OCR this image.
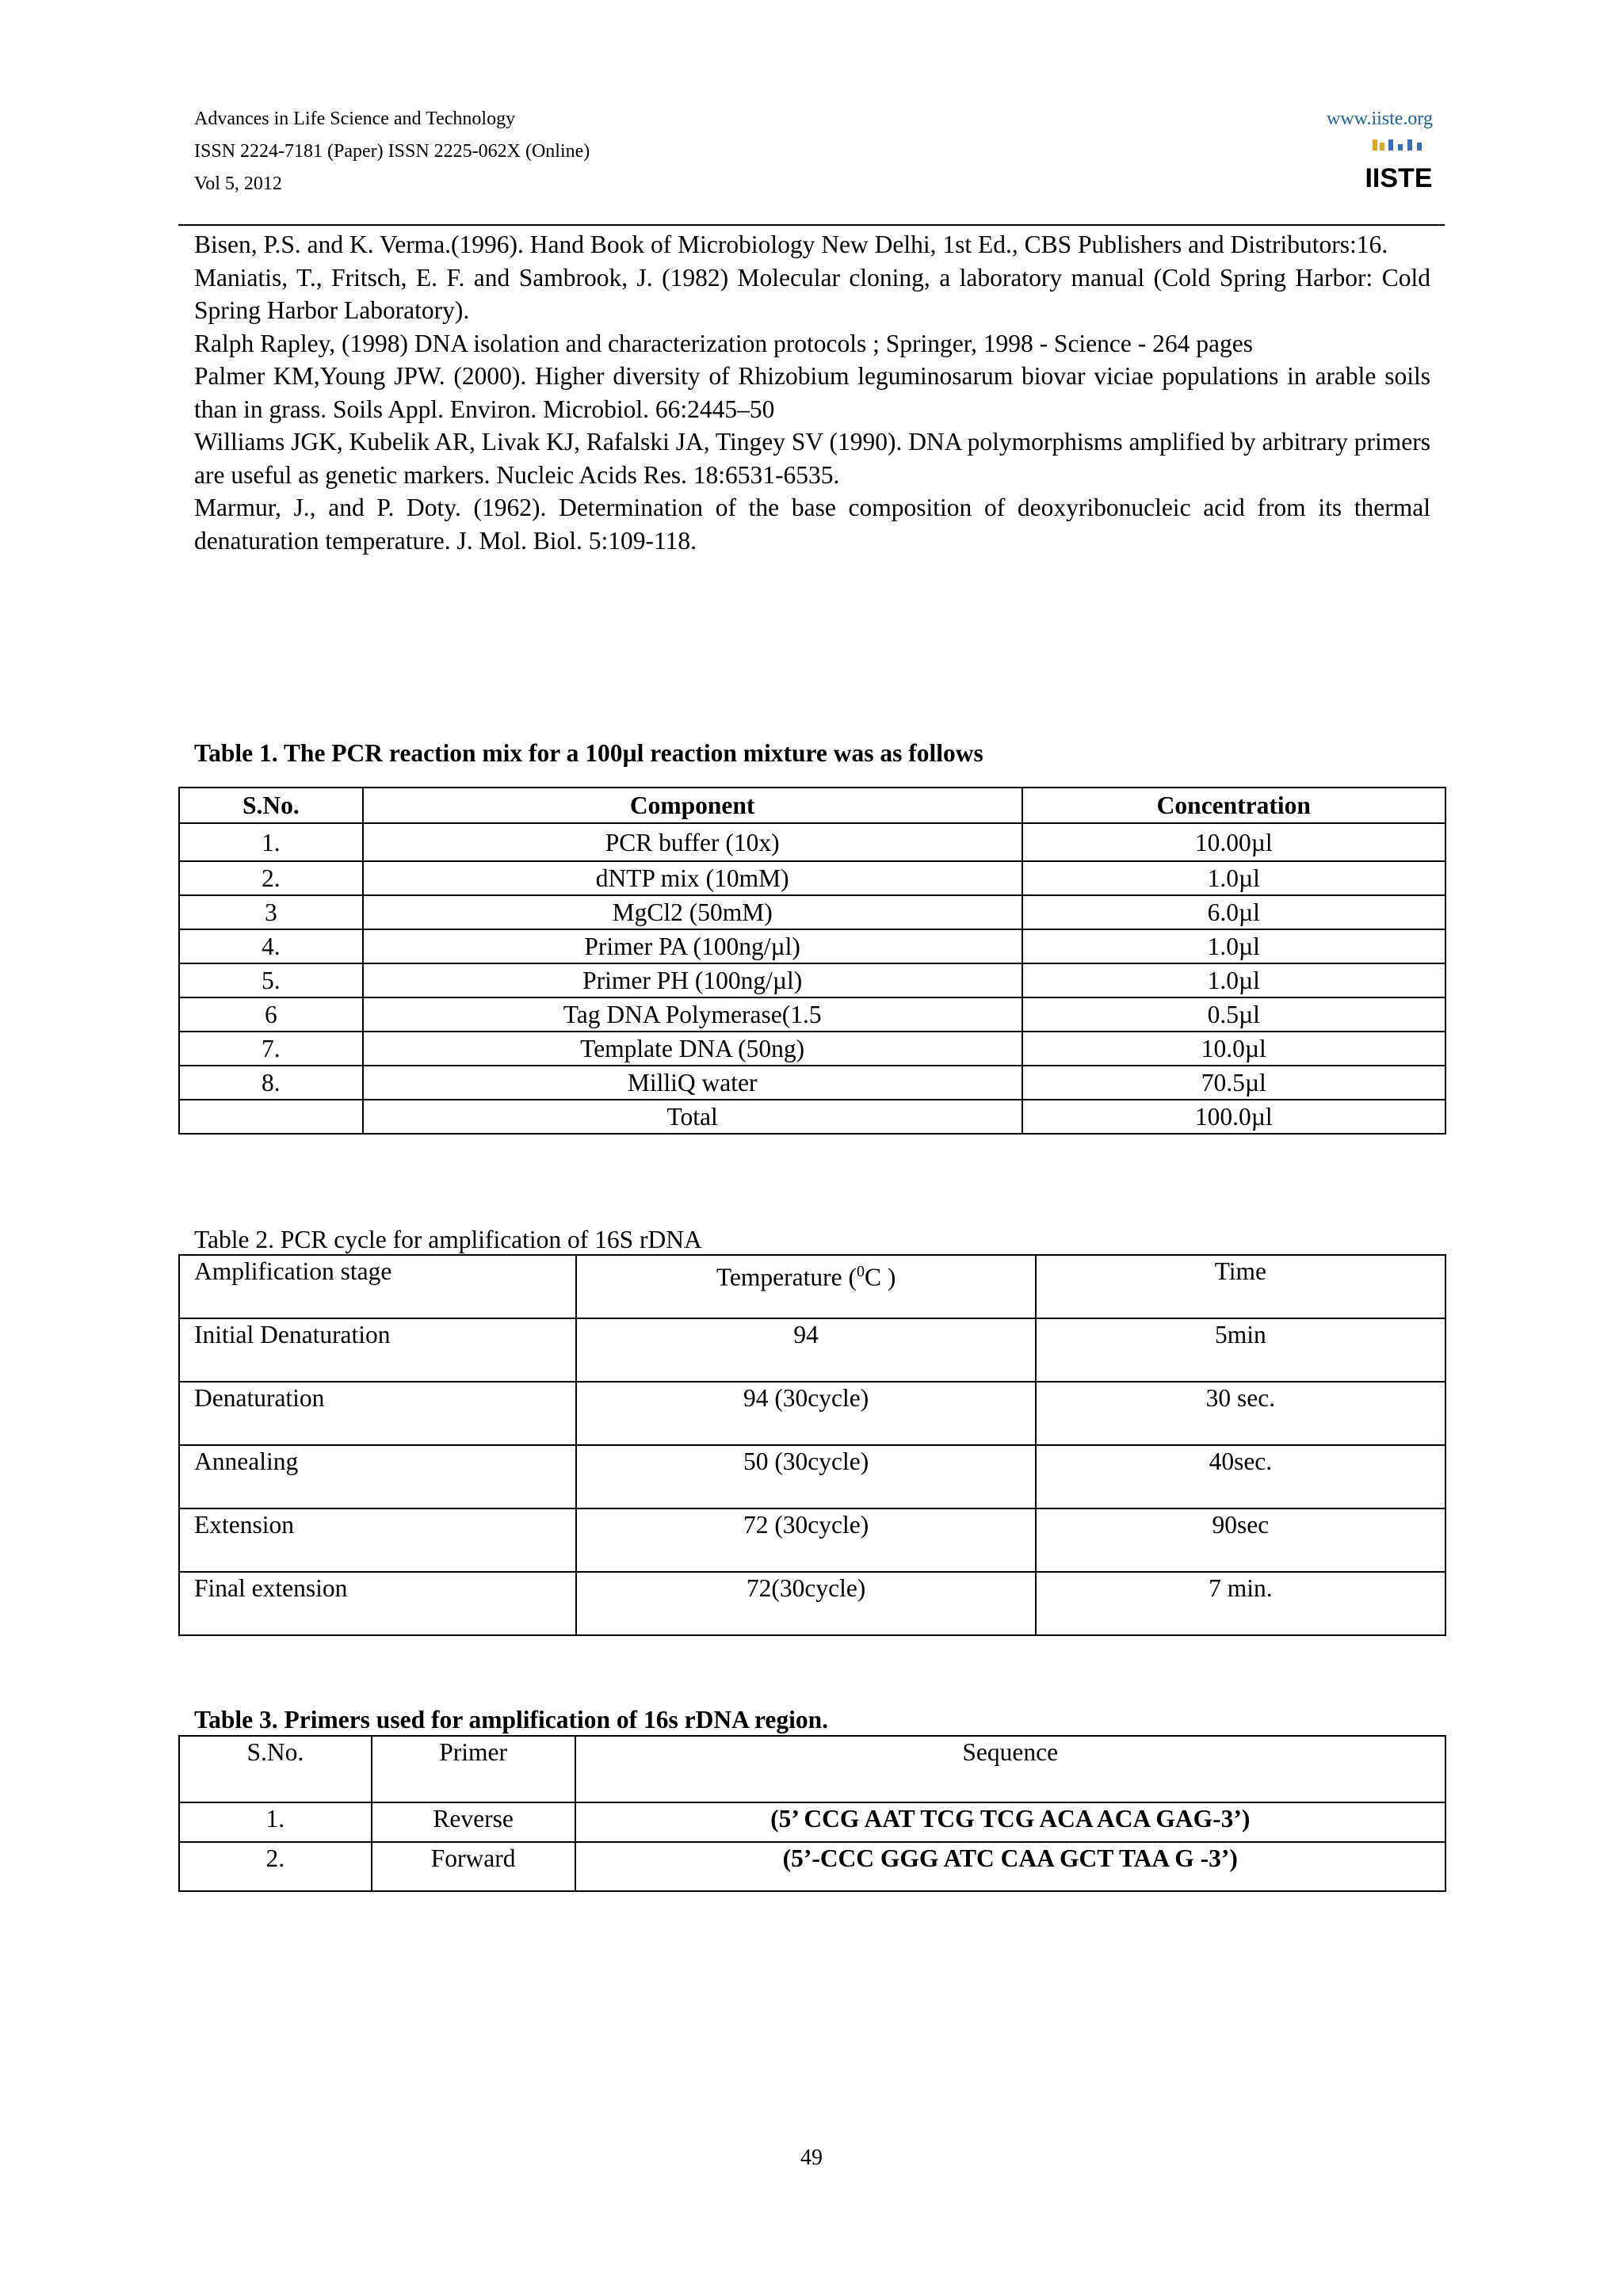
Advances in Life Science and Technology
ISSN 2224-7181 (Paper) ISSN 2225-062X (Online)
Vol 5, 2012
www.iiste.org
IISTE

Bisen, P.S. and K. Verma.(1996). Hand Book of Microbiology New Delhi, 1st Ed., CBS Publishers and Distributors:16.

Maniatis, T., Fritsch, E. F. and Sambrook, J. (1982) Molecular cloning, a laboratory manual (Cold Spring Harbor: Cold Spring Harbor Laboratory).

Ralph Rapley, (1998) DNA isolation and characterization protocols ; Springer, 1998 - Science - 264 pages

Palmer KM,Young JPW. (2000). Higher diversity of Rhizobium leguminosarum biovar viciae populations in arable soils than in grass. Soils Appl. Environ. Microbiol. 66:2445–50

Williams JGK, Kubelik AR, Livak KJ, Rafalski JA, Tingey SV (1990). DNA polymorphisms amplified by arbitrary primers are useful as genetic markers. Nucleic Acids Res. 18:6531-6535.

Marmur, J., and P. Doty. (1962). Determination of the base composition of deoxyribonucleic acid from its thermal denaturation temperature. J. Mol. Biol. 5:109-118.

Table 1. The PCR reaction mix for a 100µl reaction mixture was as follows
S.No.	Component	Concentration
1.	PCR buffer (10x)	10.00µl
2.	dNTP mix (10mM)	1.0µl
3	MgCl2 (50mM)	6.0µl
4.	Primer PA (100ng/µl)	1.0µl
5.	Primer PH (100ng/µl)	1.0µl
6	Tag DNA Polymerase(1.5	0.5µl
7.	Template DNA (50ng)	10.0µl
8.	MilliQ water	70.5µl
	Total	100.0µl
Table 2. PCR cycle for amplification of 16S rDNA
Amplification stage	Temperature ($^0$C )	Time
Initial Denaturation	94	5min
Denaturation	94 (30cycle)	30 sec.
Annealing	50 (30cycle)	40sec.
Extension	72 (30cycle)	90sec
Final extension	72(30cycle)	7 min.
Table 3. Primers used for amplification of 16s rDNA region.
S.No.	Primer	Sequence
1.	Reverse	(5’ CCG AAT TCG TCG ACA ACA GAG-3’)
2.	Forward	(5’-CCC GGG ATC CAA GCT TAA G -3’)
49
